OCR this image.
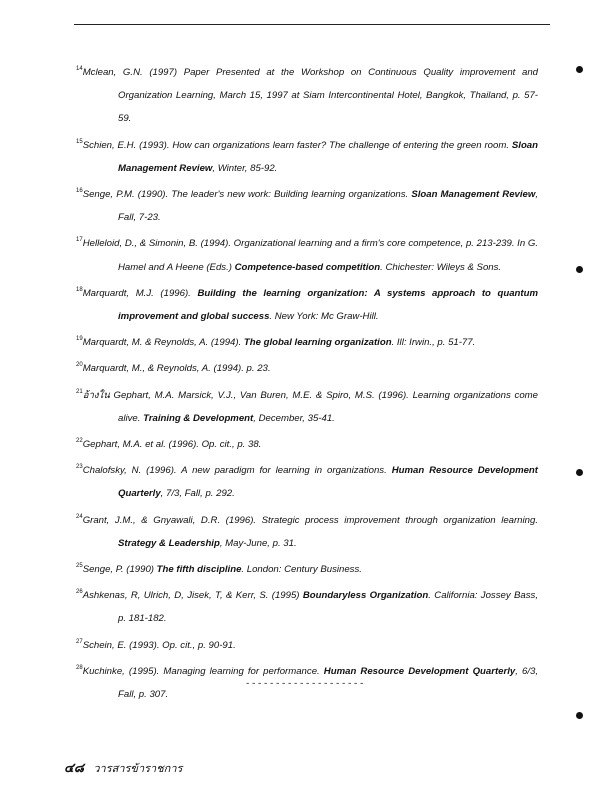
$^{14}$Mclean, G.N. (1997) Paper Presented at the Workshop on Continuous Quality improvement and Organization Learning, March 15, 1997 at Siam Intercontinental Hotel, Bangkok, Thailand, p. 57-59.

$^{15}$Schien, E.H. (1993). How can organizations learn faster? The challenge of entering the green room. Sloan Management Review, Winter, 85-92.

$^{16}$Senge, P.M. (1990). The leader's new work: Building learning organizations. Sloan Management Review, Fall, 7-23.

$^{17}$Helleloid, D., & Simonin, B. (1994). Organizational learning and a firm's core competence, p. 213-239. In G. Hamel and A Heene (Eds.) Competence-based competition. Chichester: Wileys & Sons.

$^{18}$Marquardt, M.J. (1996). Building the learning organization: A systems approach to quantum improvement and global success. New York: Mc Graw-Hill.

$^{19}$Marquardt, M. & Reynolds, A. (1994). The global learning organization. Ill: Irwin., p. 51-77.

$^{20}$Marquardt, M., & Reynolds, A. (1994). p. 23.

$^{21}$อ้างใน Gephart, M.A. Marsick, V.J., Van Buren, M.E. & Spiro, M.S. (1996). Learning organizations come alive. Training & Development, December, 35-41.

$^{22}$Gephart, M.A. et al. (1996). Op. cit., p. 38.

$^{23}$Chalofsky, N. (1996). A new paradigm for learning in organizations. Human Resource Development Quarterly, 7/3, Fall, p. 292.

$^{24}$Grant, J.M., & Gnyawali, D.R. (1996). Strategic process improvement through organization learning. Strategy & Leadership, May-June, p. 31.

$^{25}$Senge, P. (1990) The fifth discipline. London: Century Business.

$^{26}$Ashkenas, R, Ulrich, D, Jisek, T, & Kerr, S. (1995) Boundaryless Organization. California: Jossey Bass, p. 181-182.

$^{27}$Schein, E. (1993). Op. cit., p. 90-91.

$^{28}$Kuchinke, (1995). Managing learning for performance. Human Resource Development Quarterly, 6/3, Fall, p. 307.

--------------------
๔๘ วารสารข้าราชการ
